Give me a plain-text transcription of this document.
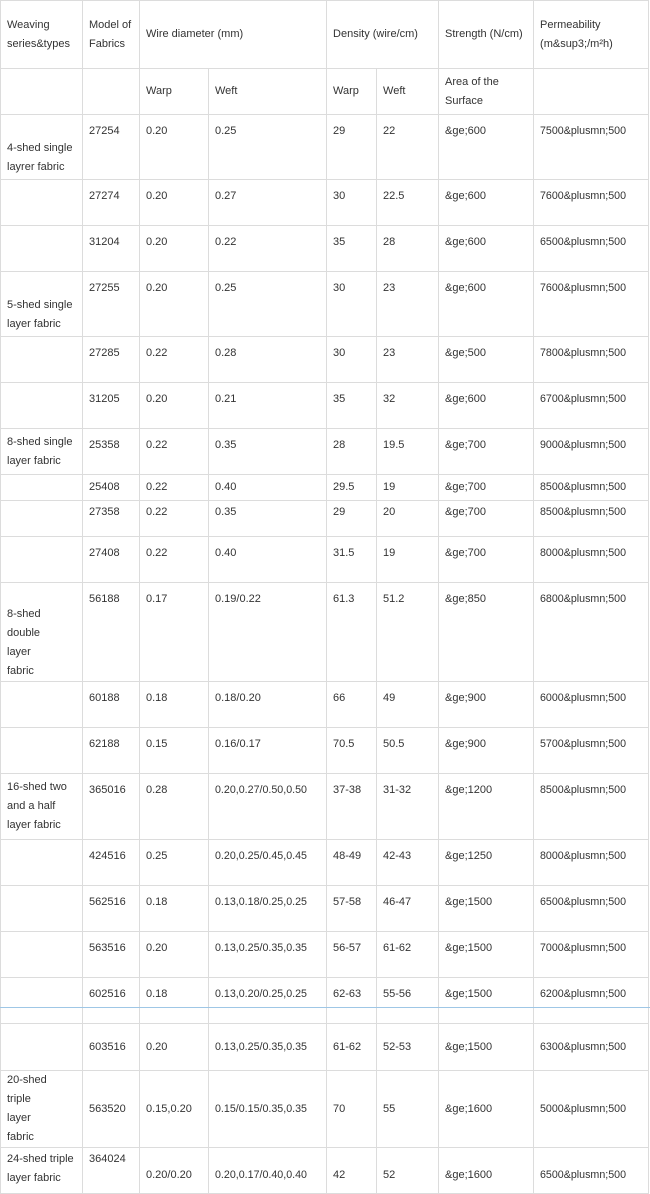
Weaving series&types	Model of Fabrics	Wire diameter (mm)		Density (wire/cm)		Strength (N/cm)	Permeability (m&sup3;/m²h)
		Warp	Weft	Warp	Weft	Area of the Surface	
4-shed single layrer fabric	27254	0.20	0.25	29	22	&ge;600	7500&plusmn;500
	27274	0.20	0.27	30	22.5	&ge;600	7600&plusmn;500
	31204	0.20	0.22	35	28	&ge;600	6500&plusmn;500
5-shed single layer fabric	27255	0.20	0.25	30	23	&ge;600	7600&plusmn;500
	27285	0.22	0.28	30	23	&ge;500	7800&plusmn;500
	31205	0.20	0.21	35	32	&ge;600	6700&plusmn;500
8-shed single layer fabric	25358	0.22	0.35	28	19.5	&ge;700	9000&plusmn;500
	25408	0.22	0.40	29.5	19	&ge;700	8500&plusmn;500
	27358	0.22	0.35	29	20	&ge;700	8500&plusmn;500
	27408	0.22	0.40	31.5	19	&ge;700	8000&plusmn;500
8-shed double layer fabric	56188	0.17	0.19/0.22	61.3	51.2	&ge;850	6800&plusmn;500
	60188	0.18	0.18/0.20	66	49	&ge;900	6000&plusmn;500
	62188	0.15	0.16/0.17	70.5	50.5	&ge;900	5700&plusmn;500
16-shed two and a half layer fabric	365016	0.28	0.20,0.27/0.50,0.50	37-38	31-32	&ge;1200	8500&plusmn;500
	424516	0.25	0.20,0.25/0.45,0.45	48-49	42-43	&ge;1250	8000&plusmn;500
	562516	0.18	0.13,0.18/0.25,0.25	57-58	46-47	&ge;1500	6500&plusmn;500
	563516	0.20	0.13,0.25/0.35,0.35	56-57	61-62	&ge;1500	7000&plusmn;500
	602516	0.18	0.13,0.20/0.25,0.25	62-63	55-56	&ge;1500	6200&plusmn;500
	603516	0.20	0.13,0.25/0.35,0.35	61-62	52-53	&ge;1500	6300&plusmn;500
20-shed triple layer fabric	563520	0.15,0.20	0.15/0.15/0.35,0.35	70	55	&ge;1600	5000&plusmn;500
24-shed triple layer fabric	364024	0.20/0.20	0.20,0.17/0.40,0.40	42	52	&ge;1600	6500&plusmn;500
